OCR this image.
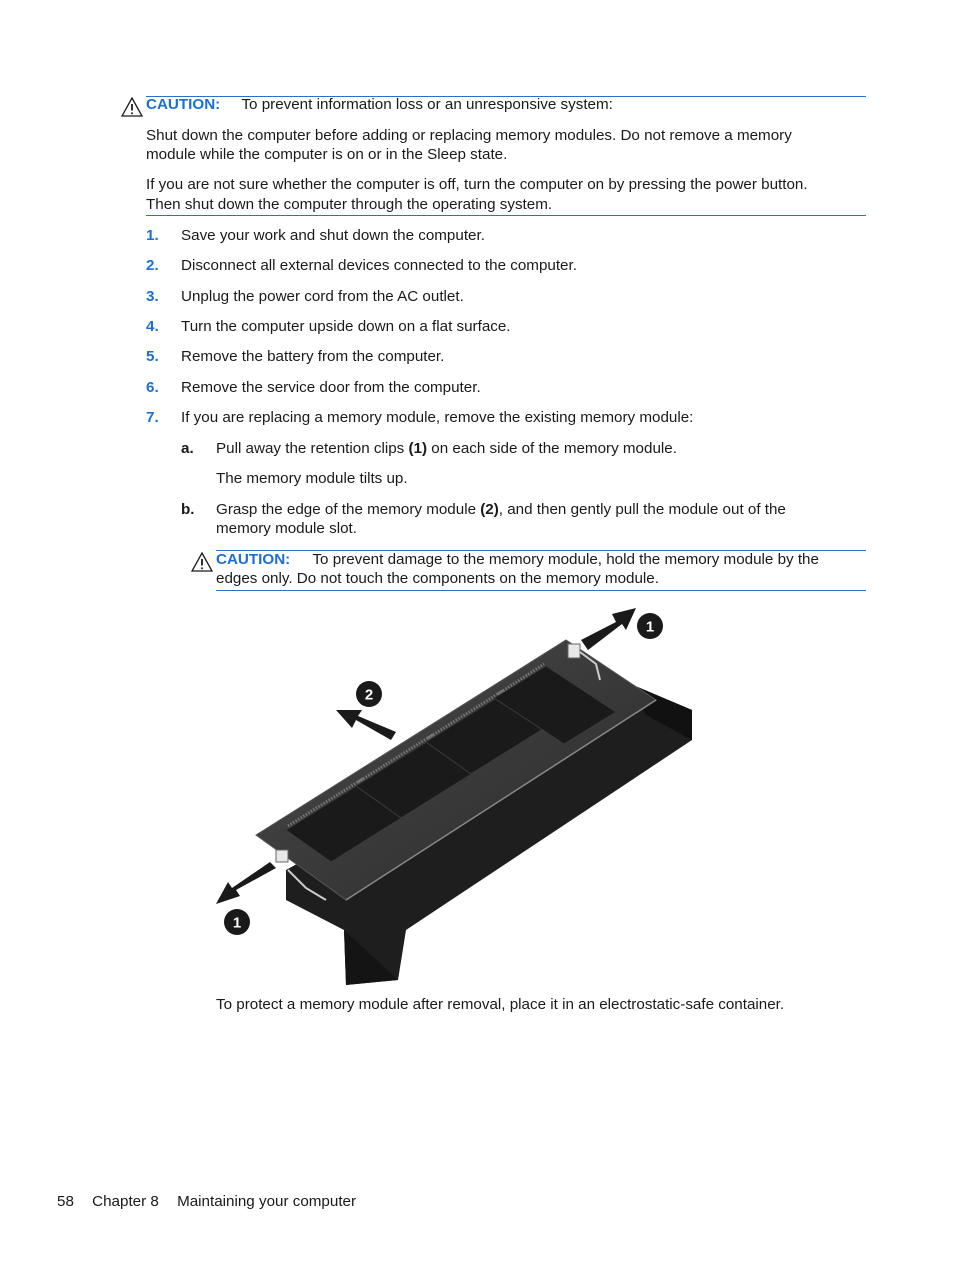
CAUTION: To prevent information loss or an unresponsive system:
Shut down the computer before adding or replacing memory modules. Do not remove a memory
module while the computer is on or in the Sleep state.
If you are not sure whether the computer is off, turn the computer on by pressing the power button.
Then shut down the computer through the operating system.
1. Save your work and shut down the computer.
2. Disconnect all external devices connected to the computer.
3. Unplug the power cord from the AC outlet.
4. Turn the computer upside down on a flat surface.
5. Remove the battery from the computer.
6. Remove the service door from the computer.
7. If you are replacing a memory module, remove the existing memory module:
a. Pull away the retention clips (1) on each side of the memory module.
The memory module tilts up.
b. Grasp the edge of the memory module (2), and then gently pull the module out of the
memory module slot.
CAUTION: To prevent damage to the memory module, hold the memory module by the
edges only. Do not touch the components on the memory module.
1
2
1
To protect a memory module after removal, place it in an electrostatic-safe container.
58 Chapter 8 Maintaining your computer
